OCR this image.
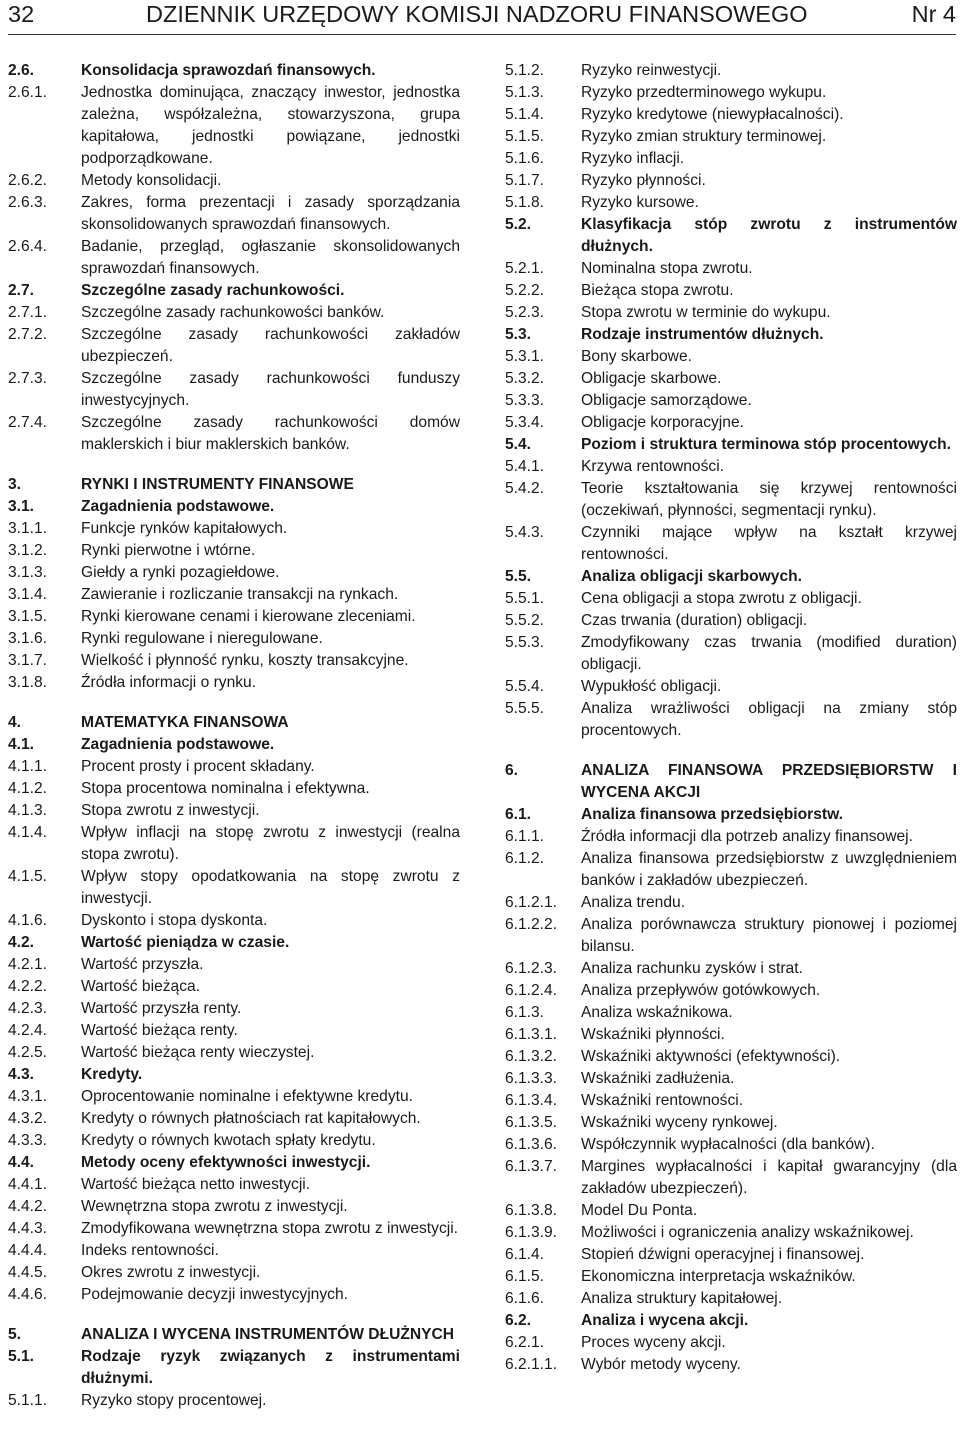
32	DZIENNIK URZĘDOWY KOMISJI NADZORU FINANSOWEGO	Nr 4
2.6.	Konsolidacja sprawozdań finansowych.
2.6.1.	Jednostka dominująca, znaczący inwestor, jednostka zależna, współzależna, stowarzyszona, grupa kapitałowa, jednostki powiązane, jednostki podporządkowane.
2.6.2.	Metody konsolidacji.
2.6.3.	Zakres, forma prezentacji i zasady sporządzania skonsolidowanych sprawozdań finansowych.
2.6.4.	Badanie, przegląd, ogłaszanie skonsolidowanych sprawozdań finansowych.
2.7.	Szczególne zasady rachunkowości.
2.7.1.	Szczególne zasady rachunkowości banków.
2.7.2.	Szczególne zasady rachunkowości zakładów ubezpieczeń.
2.7.3.	Szczególne zasady rachunkowości funduszy inwestycyjnych.
2.7.4.	Szczególne zasady rachunkowości domów maklerskich i biur maklerskich banków.
3.	RYNKI I INSTRUMENTY FINANSOWE
3.1.	Zagadnienia podstawowe.
3.1.1.	Funkcje rynków kapitałowych.
3.1.2.	Rynki pierwotne i wtórne.
3.1.3.	Giełdy a rynki pozagiełdowe.
3.1.4.	Zawieranie i rozliczanie transakcji na rynkach.
3.1.5.	Rynki kierowane cenami i kierowane zleceniami.
3.1.6.	Rynki regulowane i nieregulowane.
3.1.7.	Wielkość i płynność rynku, koszty transakcyjne.
3.1.8.	Źródła informacji o rynku.
4.	MATEMATYKA FINANSOWA
4.1.	Zagadnienia podstawowe.
4.1.1.	Procent prosty i procent składany.
4.1.2.	Stopa procentowa nominalna i efektywna.
4.1.3.	Stopa zwrotu z inwestycji.
4.1.4.	Wpływ inflacji na stopę zwrotu z inwestycji (realna stopa zwrotu).
4.1.5.	Wpływ stopy opodatkowania na stopę zwrotu z inwestycji.
4.1.6.	Dyskonto i stopa dyskonta.
4.2.	Wartość pieniądza w czasie.
4.2.1.	Wartość przyszła.
4.2.2.	Wartość bieżąca.
4.2.3.	Wartość przyszła renty.
4.2.4.	Wartość bieżąca renty.
4.2.5.	Wartość bieżąca renty wieczystej.
4.3.	Kredyty.
4.3.1.	Oprocentowanie nominalne i efektywne kredytu.
4.3.2.	Kredyty o równych płatnościach rat kapitałowych.
4.3.3.	Kredyty o równych kwotach spłaty kredytu.
4.4.	Metody oceny efektywności inwestycji.
4.4.1.	Wartość bieżąca netto inwestycji.
4.4.2.	Wewnętrzna stopa zwrotu z inwestycji.
4.4.3.	Zmodyfikowana wewnętrzna stopa zwrotu z inwestycji.
4.4.4.	Indeks rentowności.
4.4.5.	Okres zwrotu z inwestycji.
4.4.6.	Podejmowanie decyzji inwestycyjnych.
5.	ANALIZA I WYCENA INSTRUMENTÓW DŁUŻNYCH
5.1.	Rodzaje ryzyk związanych z instrumentami dłużnymi.
5.1.1.	Ryzyko stopy procentowej.
5.1.2.	Ryzyko reinwestycji.
5.1.3.	Ryzyko przedterminowego wykupu.
5.1.4.	Ryzyko kredytowe (niewypłacalności).
5.1.5.	Ryzyko zmian struktury terminowej.
5.1.6.	Ryzyko inflacji.
5.1.7.	Ryzyko płynności.
5.1.8.	Ryzyko kursowe.
5.2.	Klasyfikacja stóp zwrotu z instrumentów dłużnych.
5.2.1.	Nominalna stopa zwrotu.
5.2.2.	Bieżąca stopa zwrotu.
5.2.3.	Stopa zwrotu w terminie do wykupu.
5.3.	Rodzaje instrumentów dłużnych.
5.3.1.	Bony skarbowe.
5.3.2.	Obligacje skarbowe.
5.3.3.	Obligacje samorządowe.
5.3.4.	Obligacje korporacyjne.
5.4.	Poziom i struktura terminowa stóp procentowych.
5.4.1.	Krzywa rentowności.
5.4.2.	Teorie kształtowania się krzywej rentowności (oczekiwań, płynności, segmentacji rynku).
5.4.3.	Czynniki mające wpływ na kształt krzywej rentowności.
5.5.	Analiza obligacji skarbowych.
5.5.1.	Cena obligacji a stopa zwrotu z obligacji.
5.5.2.	Czas trwania (duration) obligacji.
5.5.3.	Zmodyfikowany czas trwania (modified duration) obligacji.
5.5.4.	Wypukłość obligacji.
5.5.5.	Analiza wrażliwości obligacji na zmiany stóp procentowych.
6.	ANALIZA FINANSOWA PRZEDSIĘBIORSTW I WYCENA AKCJI
6.1.	Analiza finansowa przedsiębiorstw.
6.1.1.	Źródła informacji dla potrzeb analizy finansowej.
6.1.2.	Analiza finansowa przedsiębiorstw z uwzględnieniem banków i zakładów ubezpieczeń.
6.1.2.1.	Analiza trendu.
6.1.2.2.	Analiza porównawcza struktury pionowej i poziomej bilansu.
6.1.2.3.	Analiza rachunku zysków i strat.
6.1.2.4.	Analiza przepływów gotówkowych.
6.1.3.	Analiza wskaźnikowa.
6.1.3.1.	Wskaźniki płynności.
6.1.3.2.	Wskaźniki aktywności (efektywności).
6.1.3.3.	Wskaźniki zadłużenia.
6.1.3.4.	Wskaźniki rentowności.
6.1.3.5.	Wskaźniki wyceny rynkowej.
6.1.3.6.	Współczynnik wypłacalności (dla banków).
6.1.3.7.	Margines wypłacalności i kapitał gwarancyjny (dla zakładów ubezpieczeń).
6.1.3.8.	Model Du Ponta.
6.1.3.9.	Możliwości i ograniczenia analizy wskaźnikowej.
6.1.4.	Stopień dźwigni operacyjnej i finansowej.
6.1.5.	Ekonomiczna interpretacja wskaźników.
6.1.6.	Analiza struktury kapitałowej.
6.2.	Analiza i wycena akcji.
6.2.1.	Proces wyceny akcji.
6.2.1.1.	Wybór metody wyceny.
